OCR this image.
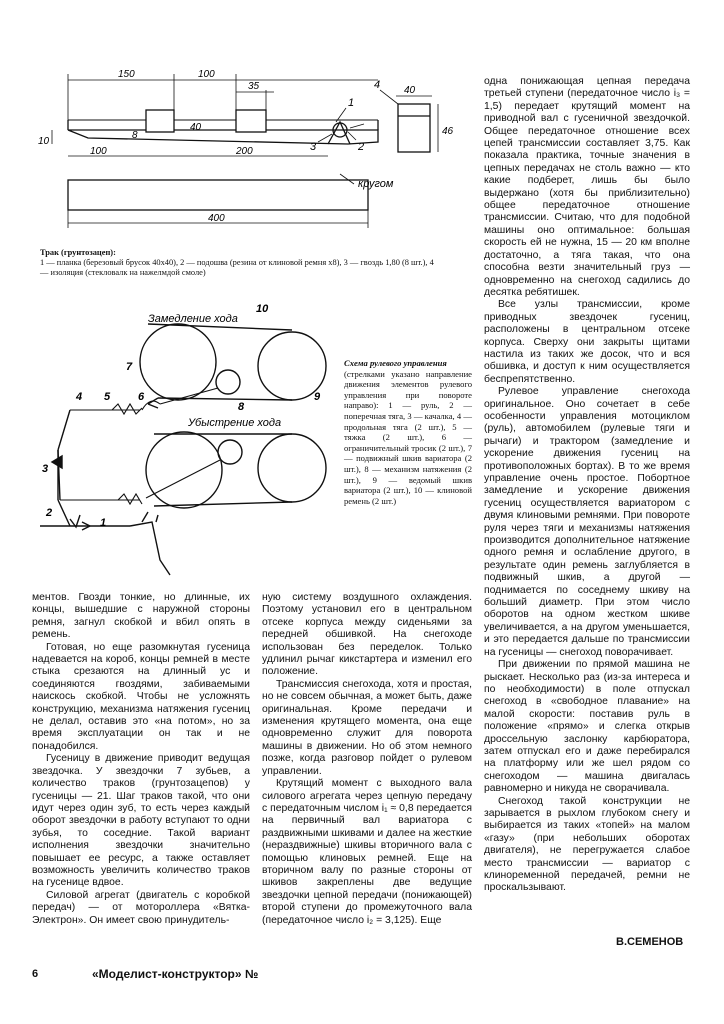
150	100
35	40
10
8
40
100	200
46
400
1
2
3
4
кругом
Трак (грунтозацеп):
1 — планка (березовый брусок 40х40), 2 — подошва (резина от клиновой ремня х8), 3 — гвоздь 1,80 (8 шт.), 4 — изоляция (стекловалк на нажелмдой смоле)
Замедление хода
Убыстрение хода
1
2
3
4 5	6
7
8
9
10
Схема рулевого управления
(стрелками указано направление движения элементов рулевого управления при повороте направо): 1 — руль, 2 — поперечная тяга, 3 — качалка, 4 — продольная тяга (2 шт.), 5 — тяжка (2 шт.), 6 — ограничительный тросик (2 шт.), 7 — подвижный шкив вариатора (2 шт.), 8 — механизм натяжения (2 шт.), 9 — ведомый шкив вариатора (2 шт.), 10 — клиновой ремень (2 шт.)

одна понижающая цепная передача третьей ступени (передаточное число i₃ = 1,5) передает крутящий момент на приводной вал с гусеничной звездочкой. Общее передаточное отношение всех цепей трансмиссии составляет 3,75. Как показала практика, точные значения в цепных передачах не столь важно — кто какие подберет, лишь бы было выдержано (хотя бы приблизительно) общее передаточное отношение трансмиссии. Считаю, что для подобной машины оно оптимальное: большая скорость ей не нужна, 15 — 20 км вполне достаточно, а тяга такая, что она способна везти значительный груз — одновременно на снегоход садились до десятка ребятишек.

Все узлы трансмиссии, кроме приводных звездочек гусениц, расположены в центральном отсеке корпуса. Сверху они закрыты щитами настила из таких же досок, что и вся обшивка, и доступ к ним осуществляется беспрепятственно.

Рулевое управление снегохода оригинальное. Оно сочетает в себе особенности управления мотоциклом (руль), автомобилем (рулевые тяги и рычаги) и трактором (замедление и ускорение движения гусениц на противоположных бортах). В то же время управление очень простое. Побортное замедление и ускорение движения гусениц осуществляется вариатором с двумя клиновыми ремнями. При повороте руля через тяги и механизмы натяжения производится дополнительное натяжение одного ремня и ослабление другого, в результате один ремень заглубляется в подвижный шкив, а другой — поднимается по соседнему шкиву на больший диаметр. При этом число оборотов на одном жестком шкиве увеличивается, а на другом уменьшается, и это передается дальше по трансмиссии на гусеницы — снегоход поворачивает.

При движении по прямой машина не рыскает. Несколько раз (из-за интереса и по необходимости) в поле отпускал снегоход в «свободное плавание» на малой скорости: поставив руль в положение «прямо» и слегка открыв дроссельную заслонку карбюратора, затем отпускал его и даже перебирался на платформу или же шел рядом со снегоходом — машина двигалась равномерно и никуда не сворачивала.

Снегоход такой конструкции не зарывается в рыхлом глубоком снегу и выбирается из таких «топей» на малом «газу» (при небольших оборотах двигателя), не перегружается слабое место трансмиссии — вариатор с клиноременной передачей, ремни не проскальзывают.

В.СЕМЕНОВ

ментов. Гвозди тонкие, но длинные, их концы, вышедшие с наружной стороны ремня, загнул скобкой и вбил опять в ремень.

Готовая, но еще разомкнутая гусеница надевается на короб, концы ремней в месте стыка срезаются на длинный ус и соединяются гвоздями, забиваемыми наискось скобкой. Чтобы не усложнять конструкцию, механизма натяжения гусениц не делал, оставив это «на потом», но за время эксплуатации он так и не понадобился.

Гусеницу в движение приводит ведущая звездочка. У звездочки 7 зубьев, а количество траков (грунтозацепов) у гусеницы — 21. Шаг траков такой, что они идут через один зуб, то есть через каждый оборот звездочки в работу вступают то одни зубья, то соседние. Такой вариант исполнения звездочки значительно повышает ее ресурс, а также оставляет возможность увеличить количество траков на гусенице вдвое.

Силовой агрегат (двигатель с коробкой передач) — от мотороллера «Вятка-Электрон». Он имеет свою принудитель-

ную систему воздушного охлаждения. Поэтому установил его в центральном отсеке корпуса между сиденьями за передней обшивкой. На снегоходе использован без переделок. Только удлинил рычаг кикстартера и изменил его положение.

Трансмиссия снегохода, хотя и простая, но не совсем обычная, а может быть, даже оригинальная. Кроме передачи и изменения крутящего момента, она еще одновременно служит для поворота машины в движении. Но об этом немного позже, когда разговор пойдет о рулевом управлении.

Крутящий момент с выходного вала силового агрегата через цепную передачу с передаточным числом i₁ ≈ 0,8 передается на первичный вал вариатора с раздвижными шкивами и далее на жесткие (нераздвижные) шкивы вторичного вала с помощью клиновых ремней. Еще на вторичном валу по разные стороны от шкивов закреплены две ведущие звездочки цепной передачи (понижающей) второй ступени до промежуточного вала (передаточное число i₂ = 3,125). Еще

6	«Моделист-конструктор» №
